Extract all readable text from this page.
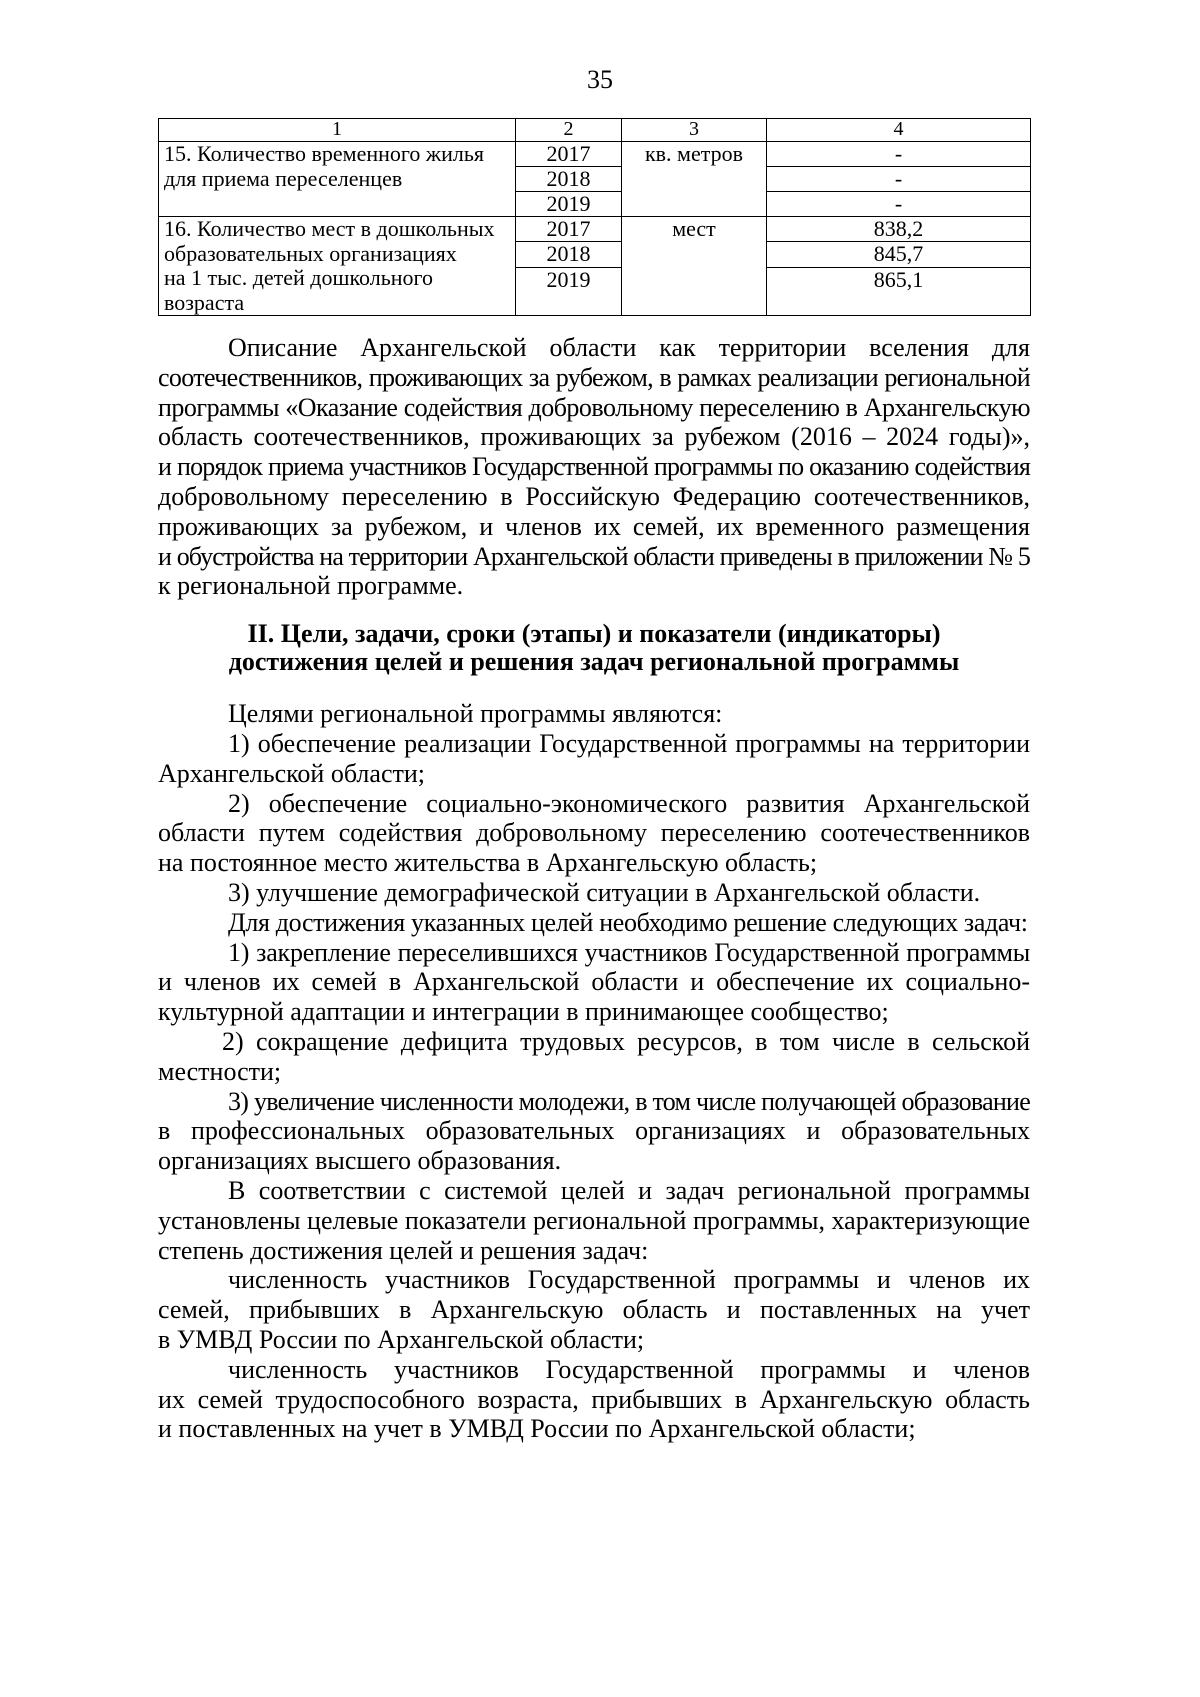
35
1	2	3	4

15. Количество временного жилья
для приема переселенцев	2017	кв. метров	-
	2018		-
	2019		-

16. Количество мест в дошкольных
образовательных организациях
на 1 тыс. детей дошкольного
возраста	2017	мест	838,2
	2018		845,7
	2019		865,1
Описание Архангельской области как территории вселения для
соотечественников, проживающих за рубежом, в рамках реализации региональной
программы «Оказание содействия добровольному переселению в Архангельскую
область соотечественников, проживающих за рубежом (2016 – 2024 годы)»,
и порядок приема участников Государственной программы по оказанию содействия
добровольному переселению в Российскую Федерацию соотечественников,
проживающих за рубежом, и членов их семей, их временного размещения
и обустройства на территории Архангельской области приведены в приложении № 5
к региональной программе.
II. Цели, задачи, сроки (этапы) и показатели (индикаторы)
достижения целей и решения задач региональной программы
Целями региональной программы являются:
1) обеспечение реализации Государственной программы на территории
Архангельской области;
2) обеспечение социально-экономического развития Архангельской
области путем содействия добровольному переселению соотечественников
на постоянное место жительства в Архангельскую область;
3) улучшение демографической ситуации в Архангельской области.
Для достижения указанных целей необходимо решение следующих задач:
1) закрепление переселившихся участников Государственной программы
и членов их семей в Архангельской области и обеспечение их социально-
культурной адаптации и интеграции в принимающее сообщество;
2) сокращение дефицита трудовых ресурсов, в том числе в сельской
местности;
3) увеличение численности молодежи, в том числе получающей образование
в профессиональных образовательных организациях и образовательных
организациях высшего образования.
В соответствии с системой целей и задач региональной программы
установлены целевые показатели региональной программы, характеризующие
степень достижения целей и решения задач:
численность участников Государственной программы и членов их
семей, прибывших в Архангельскую область и поставленных на учет
в УМВД России по Архангельской области;
численность участников Государственной программы и членов
их семей трудоспособного возраста, прибывших в Архангельскую область
и поставленных на учет в УМВД России по Архангельской области;
